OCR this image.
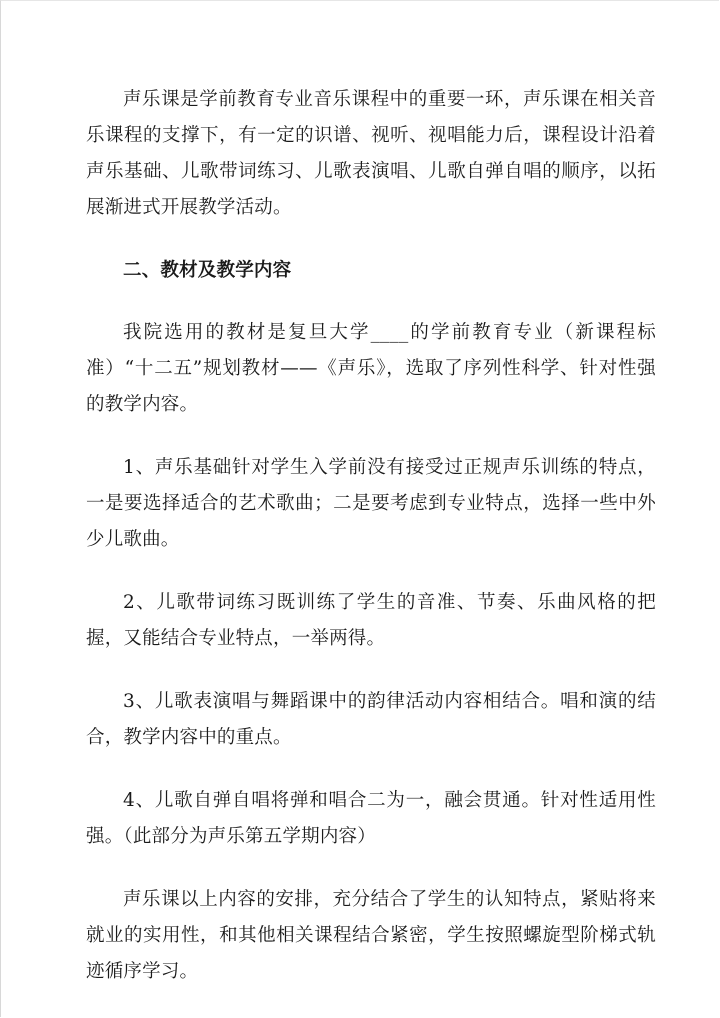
声乐课是学前教育专业音乐课程中的重要一环，声乐课在相关音乐课程的支撑下，有一定的识谱、视听、视唱能力后，课程设计沿着声乐基础、儿歌带词练习、儿歌表演唱、儿歌自弹自唱的顺序，以拓展渐进式开展教学活动。

二、教材及教学内容

我院选用的教材是复旦大学____的学前教育专业（新课程标准）“十二五”规划教材——《声乐》，选取了序列性科学、针对性强的教学内容。

1、声乐基础针对学生入学前没有接受过正规声乐训练的特点，一是要选择适合的艺术歌曲；二是要考虑到专业特点，选择一些中外少儿歌曲。

2、儿歌带词练习既训练了学生的音准、节奏、乐曲风格的把握，又能结合专业特点，一举两得。

3、儿歌表演唱与舞蹈课中的韵律活动内容相结合。唱和演的结合，教学内容中的重点。

4、儿歌自弹自唱将弹和唱合二为一，融会贯通。针对性适用性强。（此部分为声乐第五学期内容）

声乐课以上内容的安排，充分结合了学生的认知特点，紧贴将来就业的实用性，和其他相关课程结合紧密，学生按照螺旋型阶梯式轨迹循序学习。
